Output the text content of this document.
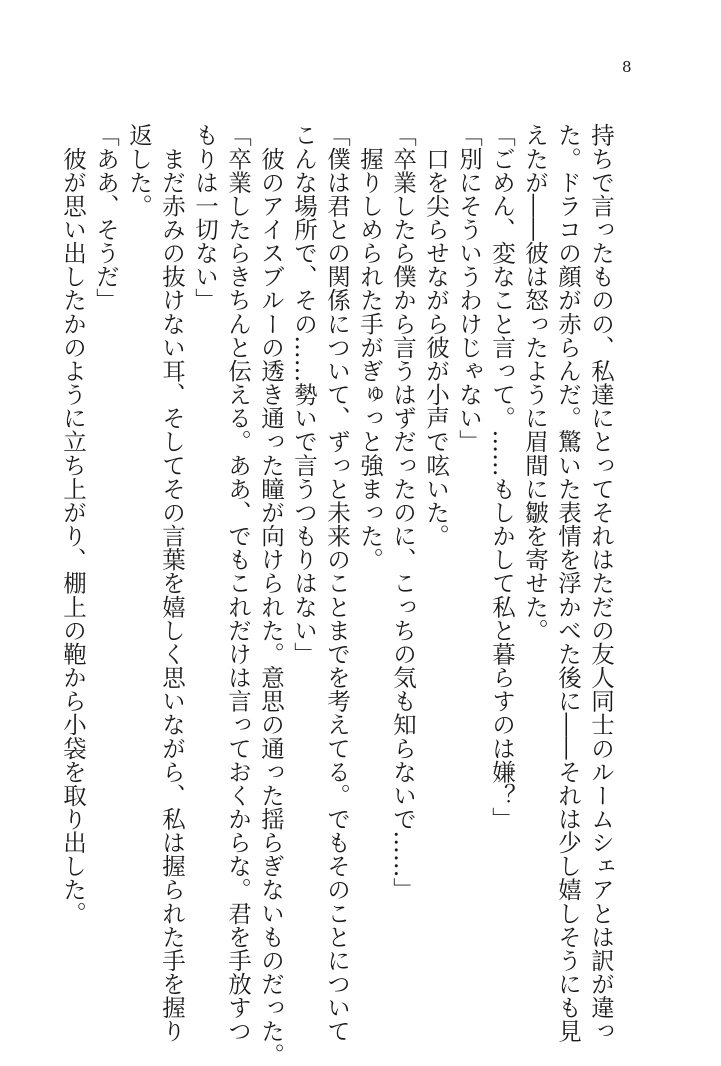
8
持ちで言ったものの、私達にとってそれはただの友人同士のルームシェアとは訳が違っ
た。ドラコの顔が赤らんだ。驚いた表情を浮かべた後に――それは少し嬉しそうにも見
えたが――彼は怒ったように眉間に皺を寄せた。
「ごめん、変なこと言って。……もしかして私と暮らすのは嫌？」
「別にそういうわけじゃない」
　口を尖らせながら彼が小声で呟いた。
「卒業したら僕から言うはずだったのに、こっちの気も知らないで……」
　握りしめられた手がぎゅっと強まった。
「僕は君との関係について、ずっと未来のことまでを考えてる。でもそのことについて
こんな場所で、その……勢いで言うつもりはない」
　彼のアイスブルーの透き通った瞳が向けられた。意思の通った揺らぎないものだった。
「卒業したらきちんと伝える。ああ、でもこれだけは言っておくからな。君を手放すつ
もりは一切ない」
　まだ赤みの抜けない耳、そしてその言葉を嬉しく思いながら、私は握られた手を握り
返した。
「ああ、そうだ」
　彼が思い出したかのように立ち上がり、棚上の鞄から小袋を取り出した。
